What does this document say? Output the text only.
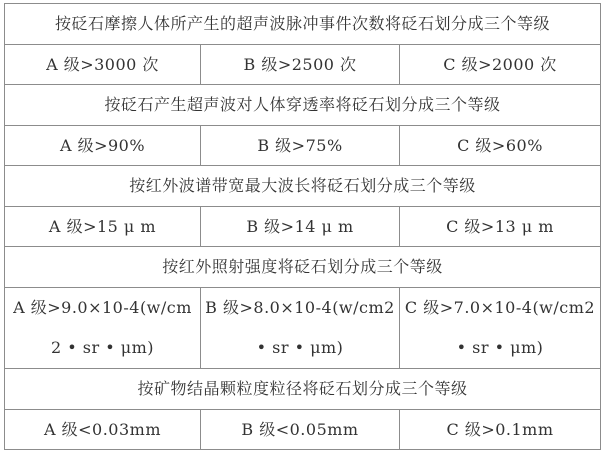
按砭石摩擦人体所产生的超声波脉冲事件次数将砭石划分成三个等级		
A 级>3000 次	B 级>2500 次	C 级>2000 次
按砭石产生超声波对人体穿透率将砭石划分成三个等级		
A 级>90%	B 级>75%	C 级>60%
按红外波谱带宽最大波长将砭石划分成三个等级		
A 级>15 μ m	B 级>14 μ m	C 级>13 μ m
按红外照射强度将砭石划分成三个等级		
A 级>9.0×10-4(w/cm2 • sr • μm)	B 级>8.0×10-4(w/cm2 • sr • μm)	C 级>7.0×10-4(w/cm2 • sr • μm)
按矿物结晶颗粒度粒径将砭石划分成三个等级		
A 级<0.03mm	B 级<0.05mm	C 级>0.1mm
